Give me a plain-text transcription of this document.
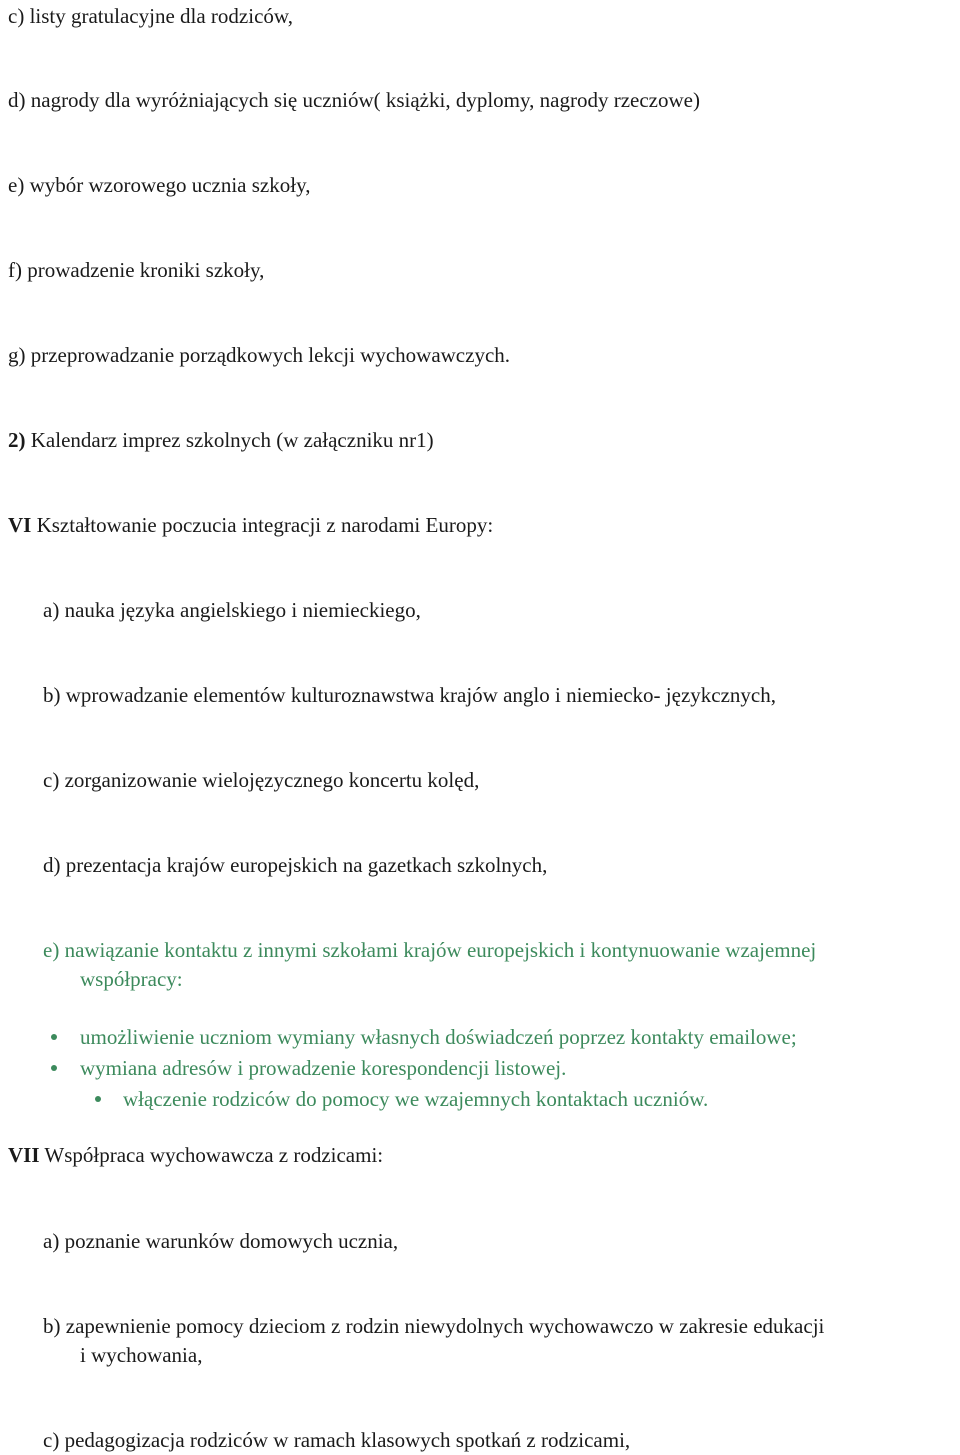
c) listy gratulacyjne dla rodziców,
d) nagrody dla wyróżniających się uczniów( książki, dyplomy, nagrody rzeczowe)
e) wybór wzorowego ucznia szkoły,
f) prowadzenie kroniki szkoły,
g) przeprowadzanie porządkowych lekcji wychowawczych.
2) Kalendarz imprez szkolnych (w załączniku nr1)
VI Kształtowanie poczucia integracji z narodami Europy:
a) nauka języka angielskiego i niemieckiego,
b) wprowadzanie elementów kulturoznawstwa krajów anglo i niemiecko- językcznych,
c) zorganizowanie wielojęzycznego koncertu kolęd,
d) prezentacja krajów europejskich na gazetkach szkolnych,
e) nawiązanie kontaktu z innymi szkołami krajów europejskich i kontynuowanie wzajemnej
współpracy:
umożliwienie uczniom wymiany własnych doświadczeń poprzez kontakty emailowe;
wymiana adresów i prowadzenie korespondencji listowej.
włączenie rodziców do pomocy we wzajemnych kontaktach uczniów.
VII Współpraca wychowawcza z rodzicami:
a) poznanie warunków domowych ucznia,
b) zapewnienie pomocy dzieciom z rodzin niewydolnych wychowawczo w zakresie edukacji
i wychowania,
c) pedagogizacja rodziców w ramach klasowych spotkań z rodzicami,
